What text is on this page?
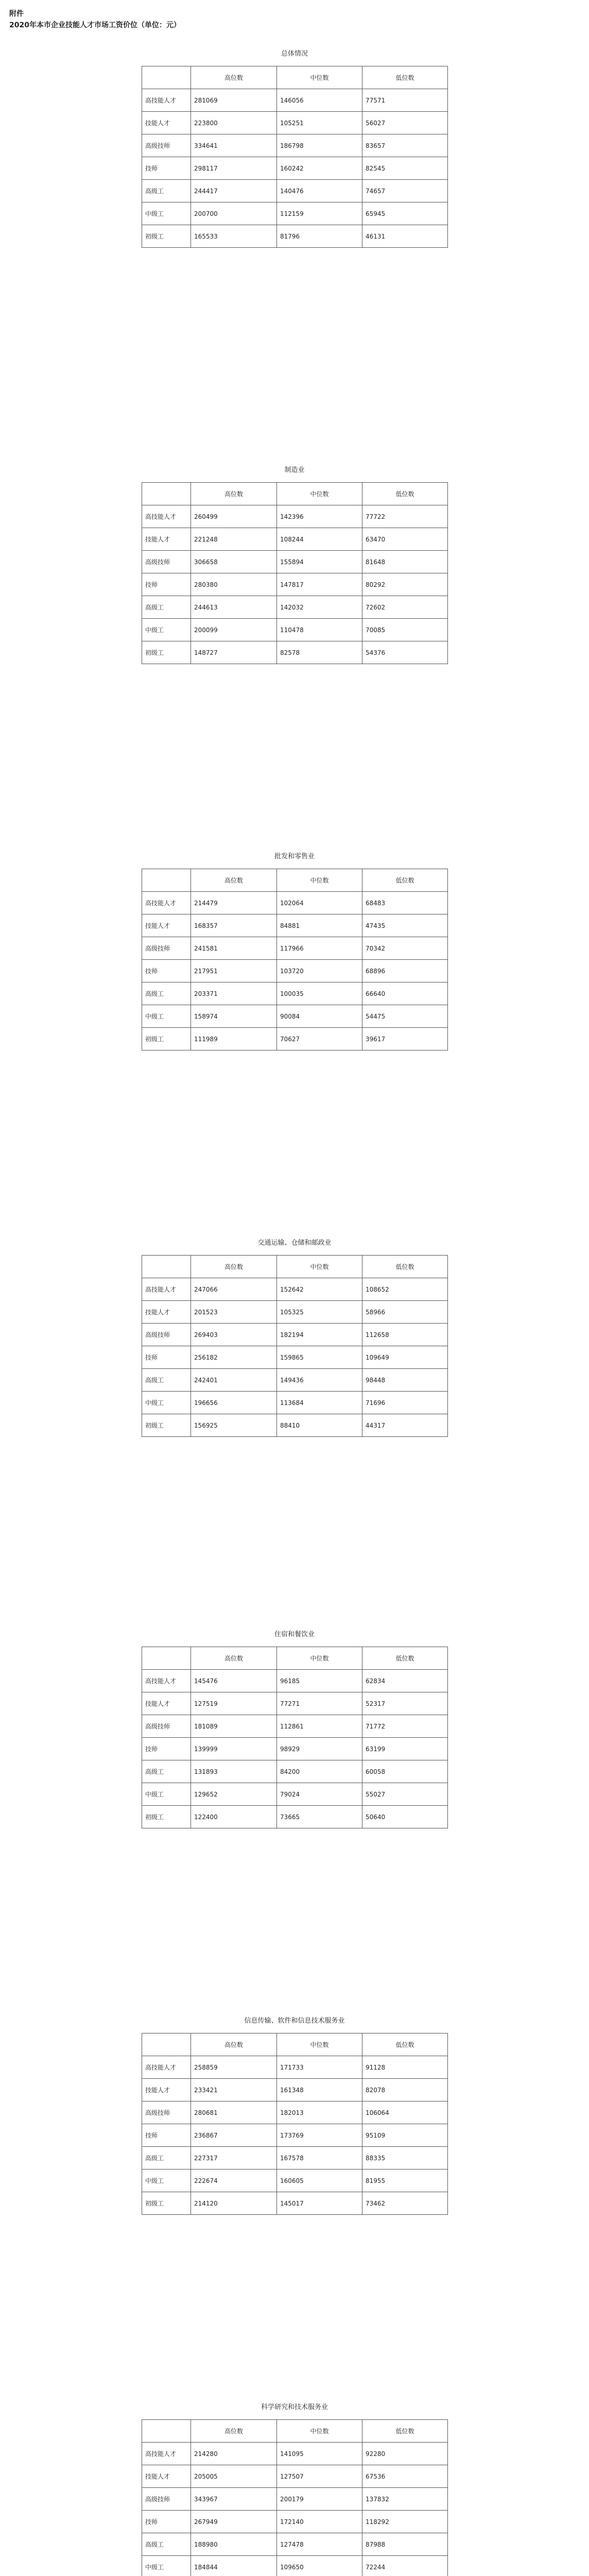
附件
2020年本市企业技能人才市场工资价位（单位：元）
总体情况
	高位数	中位数	低位数
高技能人才	281069	146056	77571
技能人才	223800	105251	56027
高级技师	334641	186798	83657
技师	298117	160242	82545
高级工	244417	140476	74657
中级工	200700	112159	65945
初级工	165533	81796	46131
制造业
	高位数	中位数	低位数
高技能人才	260499	142396	77722
技能人才	221248	108244	63470
高级技师	306658	155894	81648
技师	280380	147817	80292
高级工	244613	142032	72602
中级工	200099	110478	70085
初级工	148727	82578	54376
批发和零售业
	高位数	中位数	低位数
高技能人才	214479	102064	68483
技能人才	168357	84881	47435
高级技师	241581	117966	70342
技师	217951	103720	68896
高级工	203371	100035	66640
中级工	158974	90084	54475
初级工	111989	70627	39617
交通运输、仓储和邮政业
	高位数	中位数	低位数
高技能人才	247066	152642	108652
技能人才	201523	105325	58966
高级技师	269403	182194	112658
技师	256182	159865	109649
高级工	242401	149436	98448
中级工	196656	113684	71696
初级工	156925	88410	44317
住宿和餐饮业
	高位数	中位数	低位数
高技能人才	145476	96185	62834
技能人才	127519	77271	52317
高级技师	181089	112861	71772
技师	139999	98929	63199
高级工	131893	84200	60058
中级工	129652	79024	55027
初级工	122400	73665	50640
信息传输、软件和信息技术服务业
	高位数	中位数	低位数
高技能人才	258859	171733	91128
技能人才	233421	161348	82078
高级技师	280681	182013	106064
技师	236867	173769	95109
高级工	227317	167578	88335
中级工	222674	160605	81955
初级工	214120	145017	73462
科学研究和技术服务业
	高位数	中位数	低位数
高技能人才	214280	141095	92280
技能人才	205005	127507	67536
高级技师	343967	200179	137832
技师	267949	172140	118292
高级工	188980	127478	87988
中级工	184844	109650	72244
